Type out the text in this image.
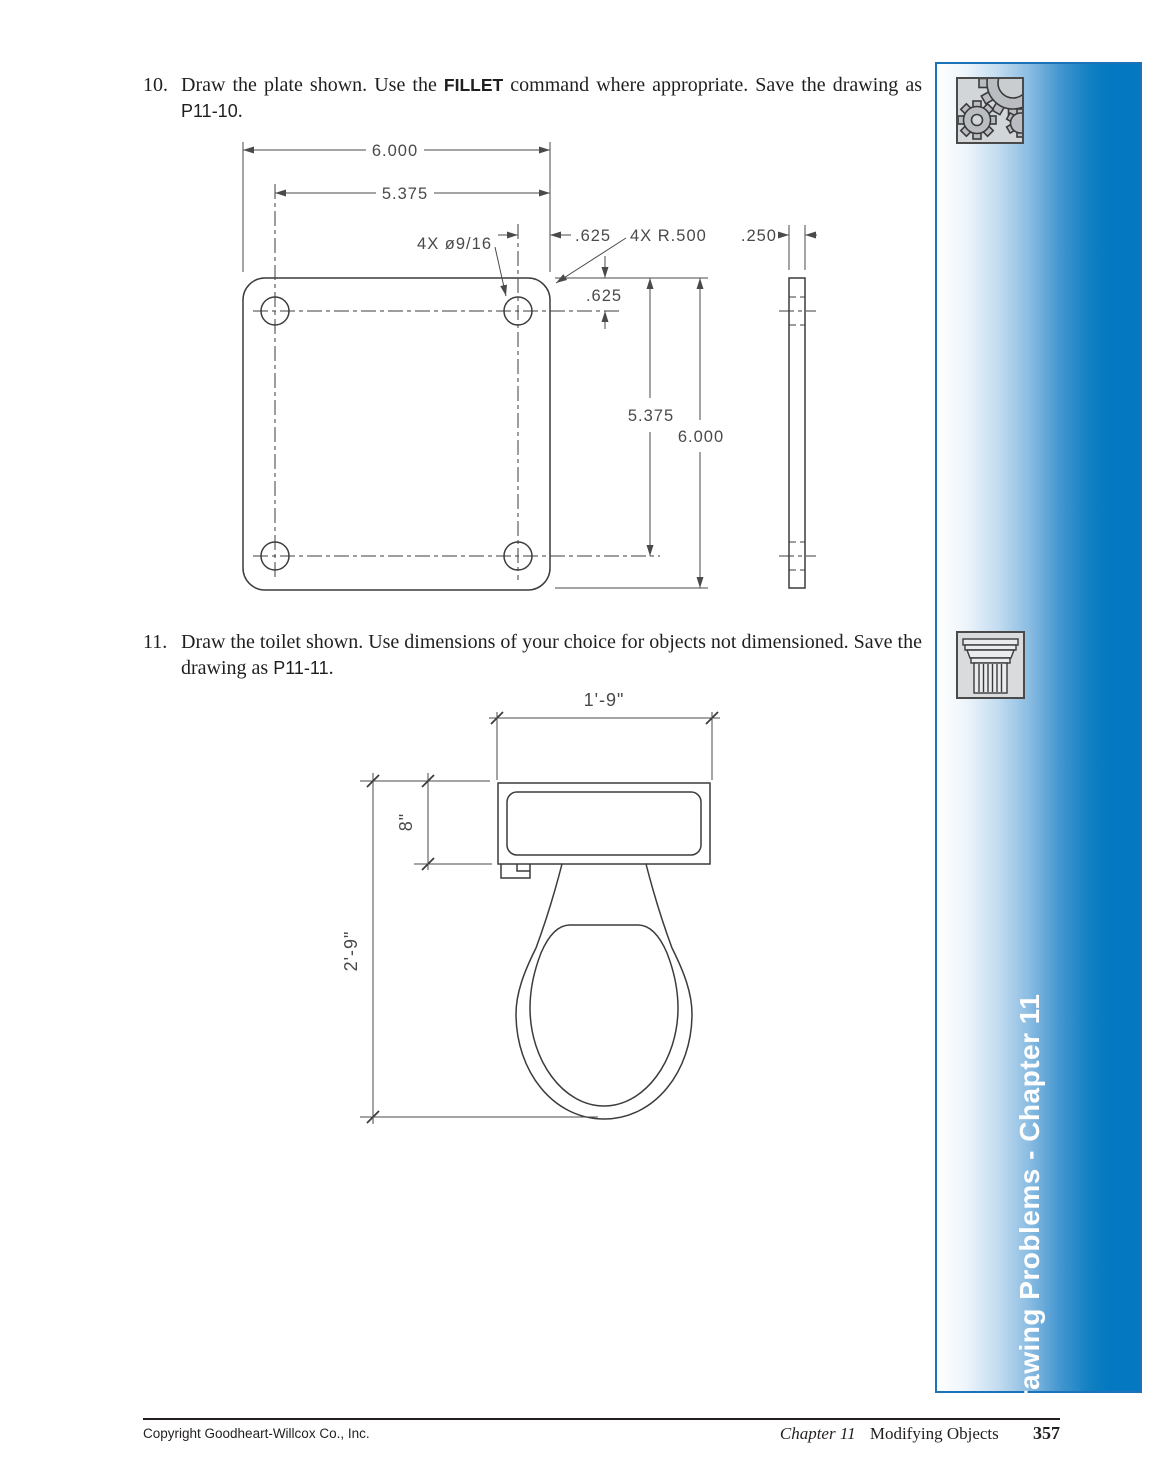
10. Draw the plate shown. Use the FILLET command where appropriate. Save the drawing as P11-10.
6.000
5.375
4X ø9/16	.625 4X R.500
.625
5.375
6.000
.250
11. Draw the toilet shown. Use dimensions of your choice for objects not dimensioned. Save the drawing as P11-11.
1'-9"
8"
2'-9"
Drawing Problems - Chapter 11
Copyright Goodheart-Willcox Co., Inc.	Chapter 11 Modifying Objects 357
